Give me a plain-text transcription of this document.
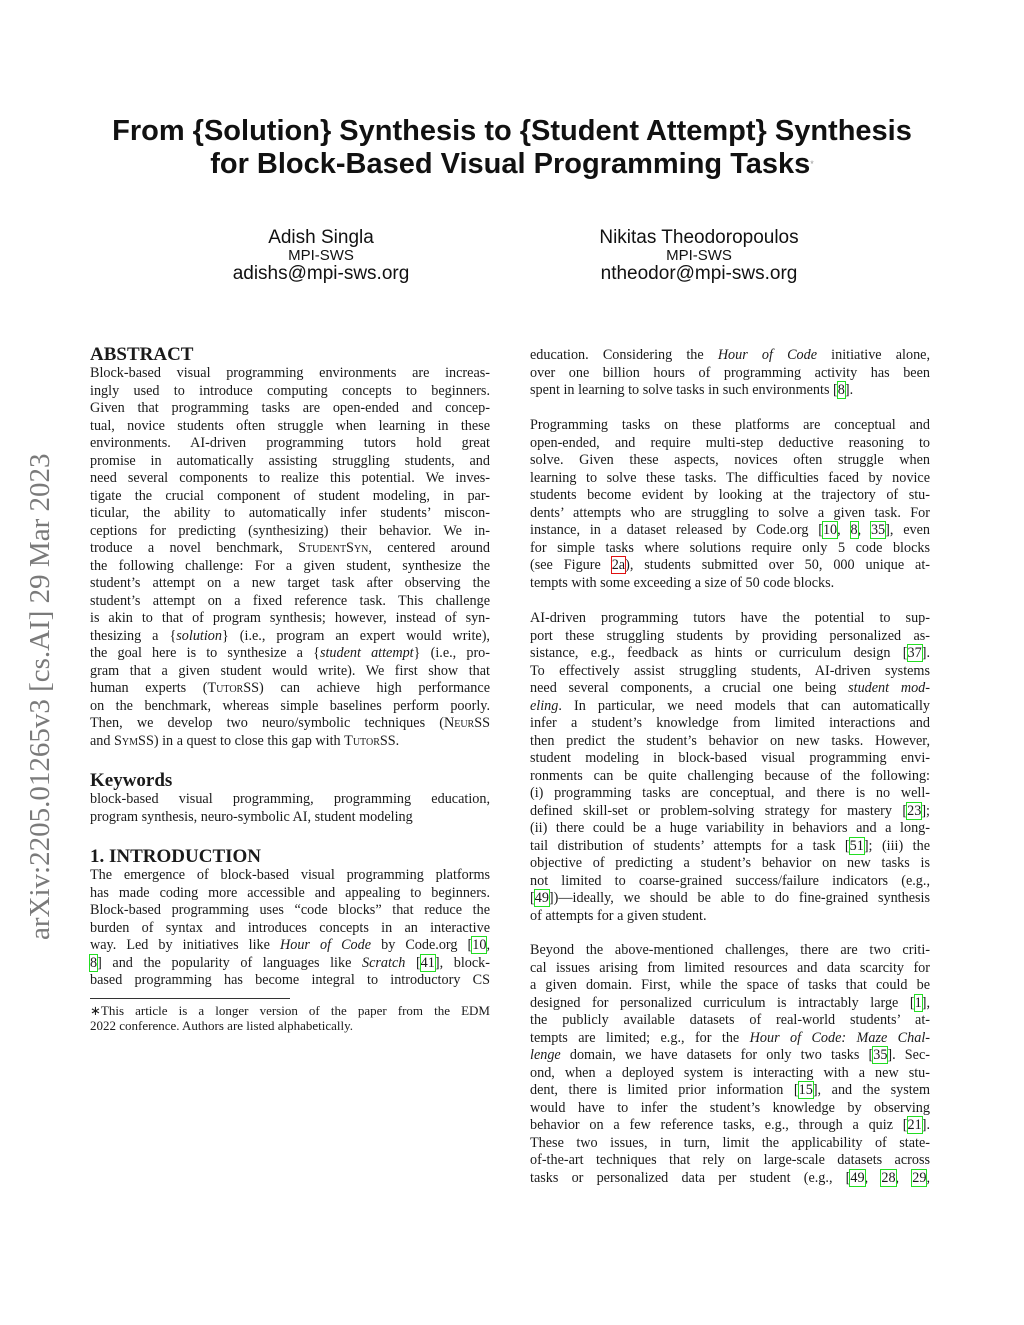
arXiv:2205.01265v3 [cs.AI] 29 Mar 2023
From {Solution} Synthesis to {Student Attempt} Synthesis
for Block-Based Visual Programming Tasks*
Adish Singla
MPI-SWS
adishs@mpi-sws.org
Nikitas Theodoropoulos
MPI-SWS
ntheodor@mpi-sws.org
ABSTRACT
Block-based visual programming environments are increas-
ingly used to introduce computing concepts to beginners.
Given that programming tasks are open-ended and concep-
tual, novice students often struggle when learning in these
environments. AI-driven programming tutors hold great
promise in automatically assisting struggling students, and
need several components to realize this potential. We inves-
tigate the crucial component of student modeling, in par-
ticular, the ability to automatically infer students’ miscon-
ceptions for predicting (synthesizing) their behavior. We in-
troduce a novel benchmark, StudentSyn, centered around
the following challenge: For a given student, synthesize the
student’s attempt on a new target task after observing the
student’s attempt on a fixed reference task. This challenge
is akin to that of program synthesis; however, instead of syn-
thesizing a {solution} (i.e., program an expert would write),
the goal here is to synthesize a {student attempt} (i.e., pro-
gram that a given student would write). We first show that
human experts (TutorSS) can achieve high performance
on the benchmark, whereas simple baselines perform poorly.
Then, we develop two neuro/symbolic techniques (NeurSS
and SymSS) in a quest to close this gap with TutorSS.
Keywords
block-based visual programming, programming education,
program synthesis, neuro-symbolic AI, student modeling
1. INTRODUCTION
The emergence of block-based visual programming platforms
has made coding more accessible and appealing to beginners.
Block-based programming uses “code blocks” that reduce the
burden of syntax and introduces concepts in an interactive
way. Led by initiatives like Hour of Code by Code.org [10,
8] and the popularity of languages like Scratch [41], block-
based programming has become integral to introductory CS
∗This article is a longer version of the paper from the EDM
2022 conference. Authors are listed alphabetically.
education. Considering the Hour of Code initiative alone,
over one billion hours of programming activity has been
spent in learning to solve tasks in such environments [8].
Programming tasks on these platforms are conceptual and
open-ended, and require multi-step deductive reasoning to
solve. Given these aspects, novices often struggle when
learning to solve these tasks. The difficulties faced by novice
students become evident by looking at the trajectory of stu-
dents’ attempts who are struggling to solve a given task. For
instance, in a dataset released by Code.org [10, 8, 35], even
for simple tasks where solutions require only 5 code blocks
(see Figure 2a), students submitted over 50, 000 unique at-
tempts with some exceeding a size of 50 code blocks.
AI-driven programming tutors have the potential to sup-
port these struggling students by providing personalized as-
sistance, e.g., feedback as hints or curriculum design [37].
To effectively assist struggling students, AI-driven systems
need several components, a crucial one being student mod-
eling. In particular, we need models that can automatically
infer a student’s knowledge from limited interactions and
then predict the student’s behavior on new tasks. However,
student modeling in block-based visual programming envi-
ronments can be quite challenging because of the following:
(i) programming tasks are conceptual, and there is no well-
defined skill-set or problem-solving strategy for mastery [23];
(ii) there could be a huge variability in behaviors and a long-
tail distribution of students’ attempts for a task [51]; (iii) the
objective of predicting a student’s behavior on new tasks is
not limited to coarse-grained success/failure indicators (e.g.,
[49])—ideally, we should be able to do fine-grained synthesis
of attempts for a given student.
Beyond the above-mentioned challenges, there are two criti-
cal issues arising from limited resources and data scarcity for
a given domain. First, while the space of tasks that could be
designed for personalized curriculum is intractably large [1],
the publicly available datasets of real-world students’ at-
tempts are limited; e.g., for the Hour of Code: Maze Chal-
lenge domain, we have datasets for only two tasks [35]. Sec-
ond, when a deployed system is interacting with a new stu-
dent, there is limited prior information [15], and the system
would have to infer the student’s knowledge by observing
behavior on a few reference tasks, e.g., through a quiz [21].
These two issues, in turn, limit the applicability of state-
of-the-art techniques that rely on large-scale datasets across
tasks or personalized data per student (e.g., [49, 28, 29,
